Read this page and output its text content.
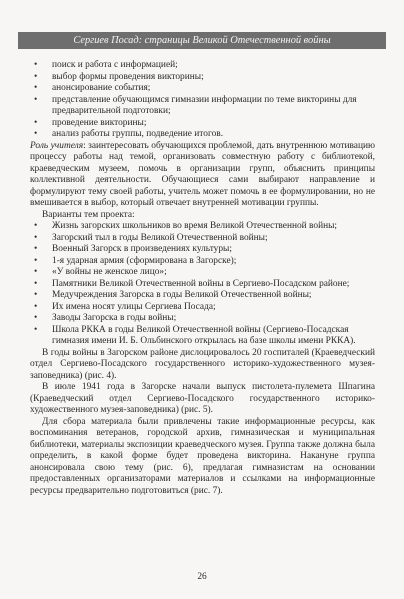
Сергиев Посад: страницы Великой Отечественной войны
• поиск и работа с информацией;
• выбор формы проведения викторины;
• анонсирование события;
• представление обучающимся гимназии информации по теме викторины для предварительной подготовки;
• проведение викторины;
• анализ работы группы, подведение итогов.

Роль учителя: заинтересовать обучающихся проблемой, дать внутреннюю мотивацию процессу работы над темой, организовать совместную работу с библиотекой, краеведческим музеем, помочь в организации групп, объяснить принципы коллективной деятельности. Обучающиеся сами выбирают направление и формулируют тему своей работы, учитель может помочь в ее формулировании, но не вмешивается в выбор, который отвечает внутренней мотивации группы.

Варианты тем проекта:

• Жизнь загорских школьников во время Великой Отечественной войны;
• Загорский тыл в годы Великой Отечественной войны;
• Военный Загорск в произведениях культуры;
• 1-я ударная армия (сформирована в Загорске);
• «У войны не женское лицо»;
• Памятники Великой Отечественной войны в Сергиево-Посадском районе;
• Медучреждения Загорска в годы Великой Отечественной войны;
• Их имена носят улицы Сергиева Посада;
• Заводы Загорска в годы войны;
• Школа РККА в годы Великой Отечественной войны (Сергиево-Посадская гимназия имени И. Б. Ольбинского открылась на базе школы имени РККА).

В годы войны в Загорском районе дислоцировалось 20 госпиталей (Краеведческий отдел Сергиево-Посадского государственного историко-художественного музея-заповедника) (рис. 4).

В июле 1941 года в Загорске начали выпуск пистолета-пулемета Шпагина (Краеведческий отдел Сергиево-Посадского государственного историко-художественного музея-заповедника) (рис. 5).

Для сбора материала были привлечены такие информационные ресурсы, как воспоминания ветеранов, городской архив, гимназическая и муниципальная библиотеки, материалы экспозиции краеведческого музея. Группа также должна была определить, в какой форме будет проведена викторина. Накануне группа анонсировала свою тему (рис. 6), предлагая гимназистам на основании предоставленных организаторами материалов и ссылками на информационные ресурсы предварительно подготовиться (рис. 7).

26
